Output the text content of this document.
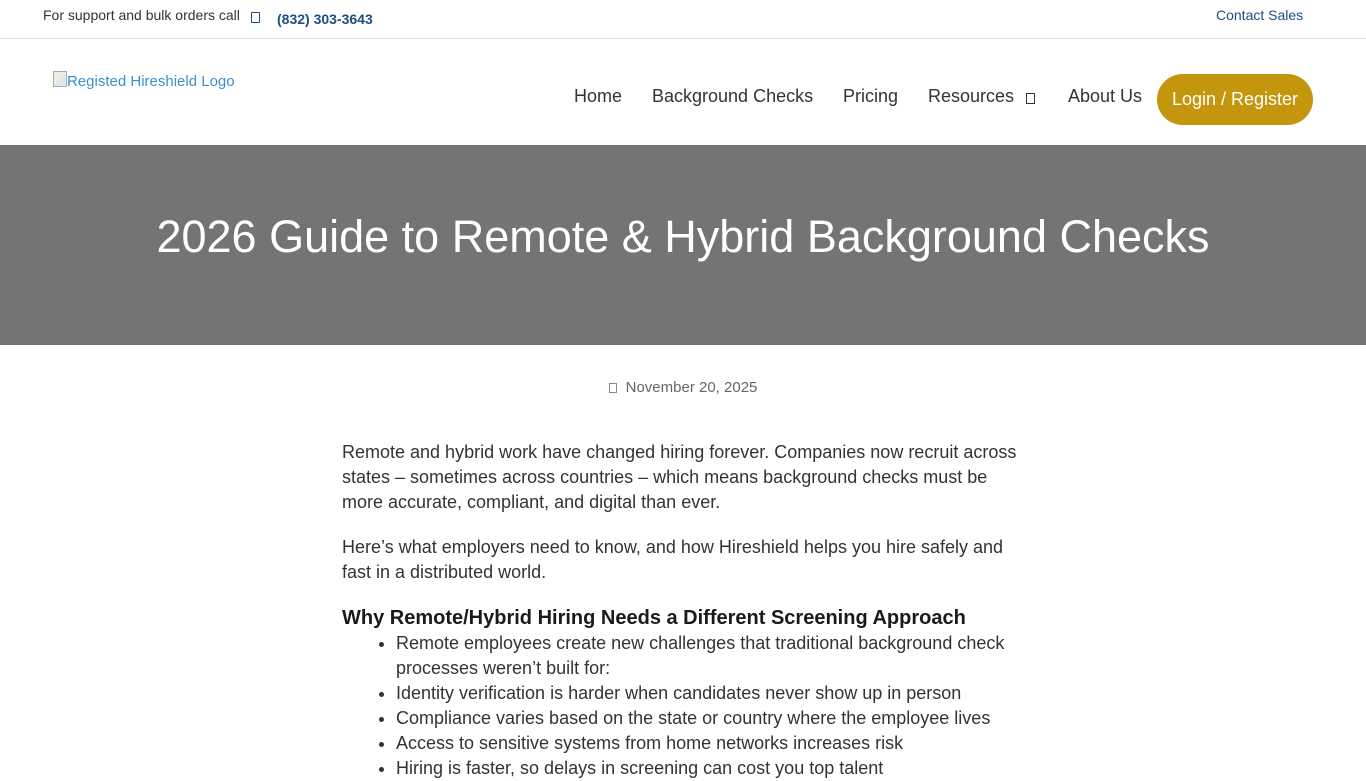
For support and bulk orders call	(832) 303-3643	Contact Sales
Registed Hireshield Logo
Home Background Checks Pricing Resources	About Us	Login / Register
2026 Guide to Remote & Hybrid Background Checks
November 20, 2025

Remote and hybrid work have changed hiring forever. Companies now recruit across states – sometimes across countries – which means background checks must be more accurate, compliant, and digital than ever.

Here’s what employers need to know, and how Hireshield helps you hire safely and fast in a distributed world.

Why Remote/Hybrid Hiring Needs a Different Screening Approach
• Remote employees create new challenges that traditional background check processes weren’t built for:
• Identity verification is harder when candidates never show up in person
• Compliance varies based on the state or country where the employee lives
• Access to sensitive systems from home networks increases risk
• Hiring is faster, so delays in screening can cost you top talent
